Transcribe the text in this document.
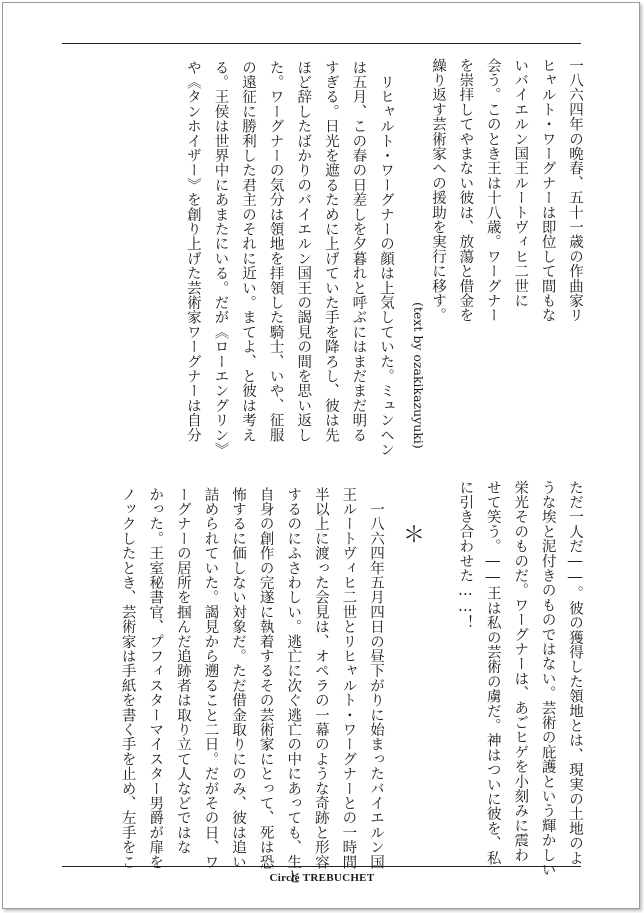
一八六四年の晩春、五十一歳の作曲家リ
ヒャルト・ワーグナーは即位して間もな
いバイエルン国王ルートヴィヒ二世に
会う。このとき王は十八歳。ワーグナー
を崇拝してやまない彼は、放蕩と借金を
繰り返す芸術家への援助を実行に移す。

(text by ozakikazuyuki)

　リヒャルト・ワーグナーの顔は上気していた。ミュンヘン
は五月、この春の日差しを夕暮れと呼ぶにはまだまだ明る
すぎる。日光を遮るために上げていた手を降ろし、彼は先
ほど辞したばかりのバイエルン国王の謁見の間を思い返し
た。ワーグナーの気分は領地を拝領した騎士、いや、征服
の遠征に勝利した君主のそれに近い。まてよ、と彼は考え
る。王侯は世界中にあまたにいる。だが《ローエングリン》
や《タンホイザー》を創り上げた芸術家ワーグナーは自分

ただ一人だ――。彼の獲得した領地とは、現実の土地のよ
うな埃と泥付きのものではない。芸術の庇護という輝かしい
栄光そのものだ。ワーグナーは、あごヒゲを小刻みに震わ
せて笑う。――王は私の芸術の虜だ。神はついに彼を、私
に引き合わせた……！

＊

　一八六四年五月四日の昼下がりに始まったバイエルン国
王ルートヴィヒ二世とリヒャルト・ワーグナーとの一時間
半以上に渡った会見は、オペラの一幕のような奇跡と形容
するのにふさわしい。逃亡に次ぐ逃亡の中にあっても、生と
自身の創作の完遂に執着するその芸術家にとって、死は恐
怖するに価しない対象だ。ただ借金取りにのみ、彼は追い
詰められていた。謁見から遡ること二日。だがその日、ワ
ーグナーの居所を掴んだ追跡者は取り立て人などではな
かった。王室秘書官、プフィスターマイスター男爵が扉を
ノックしたとき、芸術家は手紙を書く手を止め、左手をこ

Circle TREBUCHET
